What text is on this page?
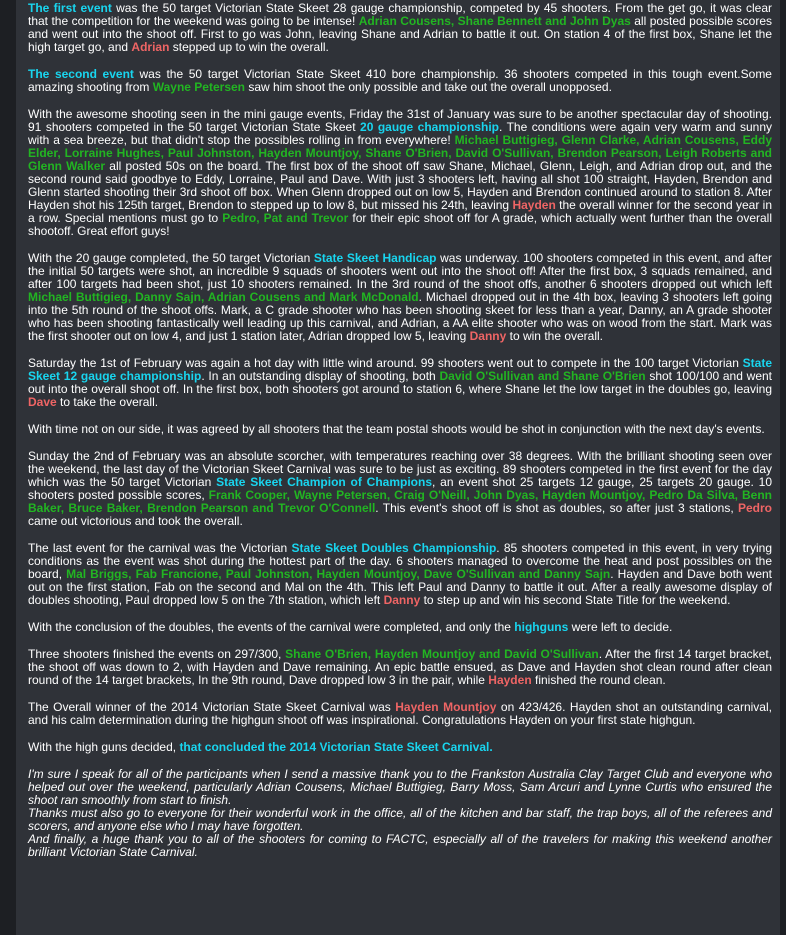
The first event was the 50 target Victorian State Skeet 28 gauge championship, competed by 45 shooters. From the get go, it was clear that the competition for the weekend was going to be intense! Adrian Cousens, Shane Bennett and John Dyas all posted possible scores and went out into the shoot off. First to go was John, leaving Shane and Adrian to battle it out. On station 4 of the first box, Shane let the high target go, and Adrian stepped up to win the overall.

The second event was the 50 target Victorian State Skeet 410 bore championship. 36 shooters competed in this tough event.Some amazing shooting from Wayne Petersen saw him shoot the only possible and take out the overall unopposed.

With the awesome shooting seen in the mini gauge events, Friday the 31st of January was sure to be another spectacular day of shooting. 91 shooters competed in the 50 target Victorian State Skeet 20 gauge championship. The conditions were again very warm and sunny with a sea breeze, but that didn't stop the possibles rolling in from everywhere! Michael Buttigieg, Glenn Clarke, Adrian Cousens, Eddy Elder, Lorraine Hughes, Paul Johnston, Hayden Mountjoy, Shane O'Brien, David O'Sullivan, Brendon Pearson, Leigh Roberts and Glenn Walker all posted 50s on the board. The first box of the shoot off saw Shane, Michael, Glenn, Leigh, and Adrian drop out, and the second round said goodbye to Eddy, Lorraine, Paul and Dave. With just 3 shooters left, having all shot 100 straight, Hayden, Brendon and Glenn started shooting their 3rd shoot off box. When Glenn dropped out on low 5, Hayden and Brendon continued around to station 8. After Hayden shot his 125th target, Brendon to stepped up to low 8, but missed his 24th, leaving Hayden the overall winner for the second year in a row. Special mentions must go to Pedro, Pat and Trevor for their epic shoot off for A grade, which actually went further than the overall shootoff. Great effort guys!

With the 20 gauge completed, the 50 target Victorian State Skeet Handicap was underway. 100 shooters competed in this event, and after the initial 50 targets were shot, an incredible 9 squads of shooters went out into the shoot off! After the first box, 3 squads remained, and after 100 targets had been shot, just 10 shooters remained. In the 3rd round of the shoot offs, another 6 shooters dropped out which left Michael Buttigieg, Danny Sajn, Adrian Cousens and Mark McDonald. Michael dropped out in the 4th box, leaving 3 shooters left going into the 5th round of the shoot offs. Mark, a C grade shooter who has been shooting skeet for less than a year, Danny, an A grade shooter who has been shooting fantastically well leading up this carnival, and Adrian, a AA elite shooter who was on wood from the start. Mark was the first shooter out on low 4, and just 1 station later, Adrian dropped low 5, leaving Danny to win the overall.

Saturday the 1st of February was again a hot day with little wind around. 99 shooters went out to compete in the 100 target Victorian State Skeet 12 gauge championship. In an outstanding display of shooting, both David O'Sullivan and Shane O'Brien shot 100/100 and went out into the overall shoot off. In the first box, both shooters got around to station 6, where Shane let the low target in the doubles go, leaving Dave to take the overall.

With time not on our side, it was agreed by all shooters that the team postal shoots would be shot in conjunction with the next day's events.

Sunday the 2nd of February was an absolute scorcher, with temperatures reaching over 38 degrees. With the brilliant shooting seen over the weekend, the last day of the Victorian Skeet Carnival was sure to be just as exciting. 89 shooters competed in the first event for the day which was the 50 target Victorian State Skeet Champion of Champions, an event shot 25 targets 12 gauge, 25 targets 20 gauge. 10 shooters posted possible scores, Frank Cooper, Wayne Petersen, Craig O'Neill, John Dyas, Hayden Mountjoy, Pedro Da Silva, Benn Baker, Bruce Baker, Brendon Pearson and Trevor O'Connell. This event's shoot off is shot as doubles, so after just 3 stations, Pedro came out victorious and took the overall.

The last event for the carnival was the Victorian State Skeet Doubles Championship. 85 shooters competed in this event, in very trying conditions as the event was shot during the hottest part of the day. 6 shooters managed to overcome the heat and post possibles on the board, Mal Briggs, Fab Francione, Paul Johnston, Hayden Mountjoy, Dave O'Sullivan and Danny Sajn. Hayden and Dave both went out on the first station, Fab on the second and Mal on the 4th. This left Paul and Danny to battle it out. After a really awesome display of doubles shooting, Paul dropped low 5 on the 7th station, which left Danny to step up and win his second State Title for the weekend.

With the conclusion of the doubles, the events of the carnival were completed, and only the highguns were left to decide.

Three shooters finished the events on 297/300, Shane O'Brien, Hayden Mountjoy and David O'Sullivan. After the first 14 target bracket, the shoot off was down to 2, with Hayden and Dave remaining. An epic battle ensued, as Dave and Hayden shot clean round after clean round of the 14 target brackets, In the 9th round, Dave dropped low 3 in the pair, while Hayden finished the round clean.

The Overall winner of the 2014 Victorian State Skeet Carnival was Hayden Mountjoy on 423/426. Hayden shot an outstanding carnival, and his calm determination during the highgun shoot off was inspirational. Congratulations Hayden on your first state highgun.

With the high guns decided, that concluded the 2014 Victorian State Skeet Carnival.

I'm sure I speak for all of the participants when I send a massive thank you to the Frankston Australia Clay Target Club and everyone who helped out over the weekend, particularly Adrian Cousens, Michael Buttigieg, Barry Moss, Sam Arcuri and Lynne Curtis who ensured the shoot ran smoothly from start to finish.
Thanks must also go to everyone for their wonderful work in the office, all of the kitchen and bar staff, the trap boys, all of the referees and scorers, and anyone else who I may have forgotten.
And finally, a huge thank you to all of the shooters for coming to FACTC, especially all of the travelers for making this weekend another brilliant Victorian State Carnival.
